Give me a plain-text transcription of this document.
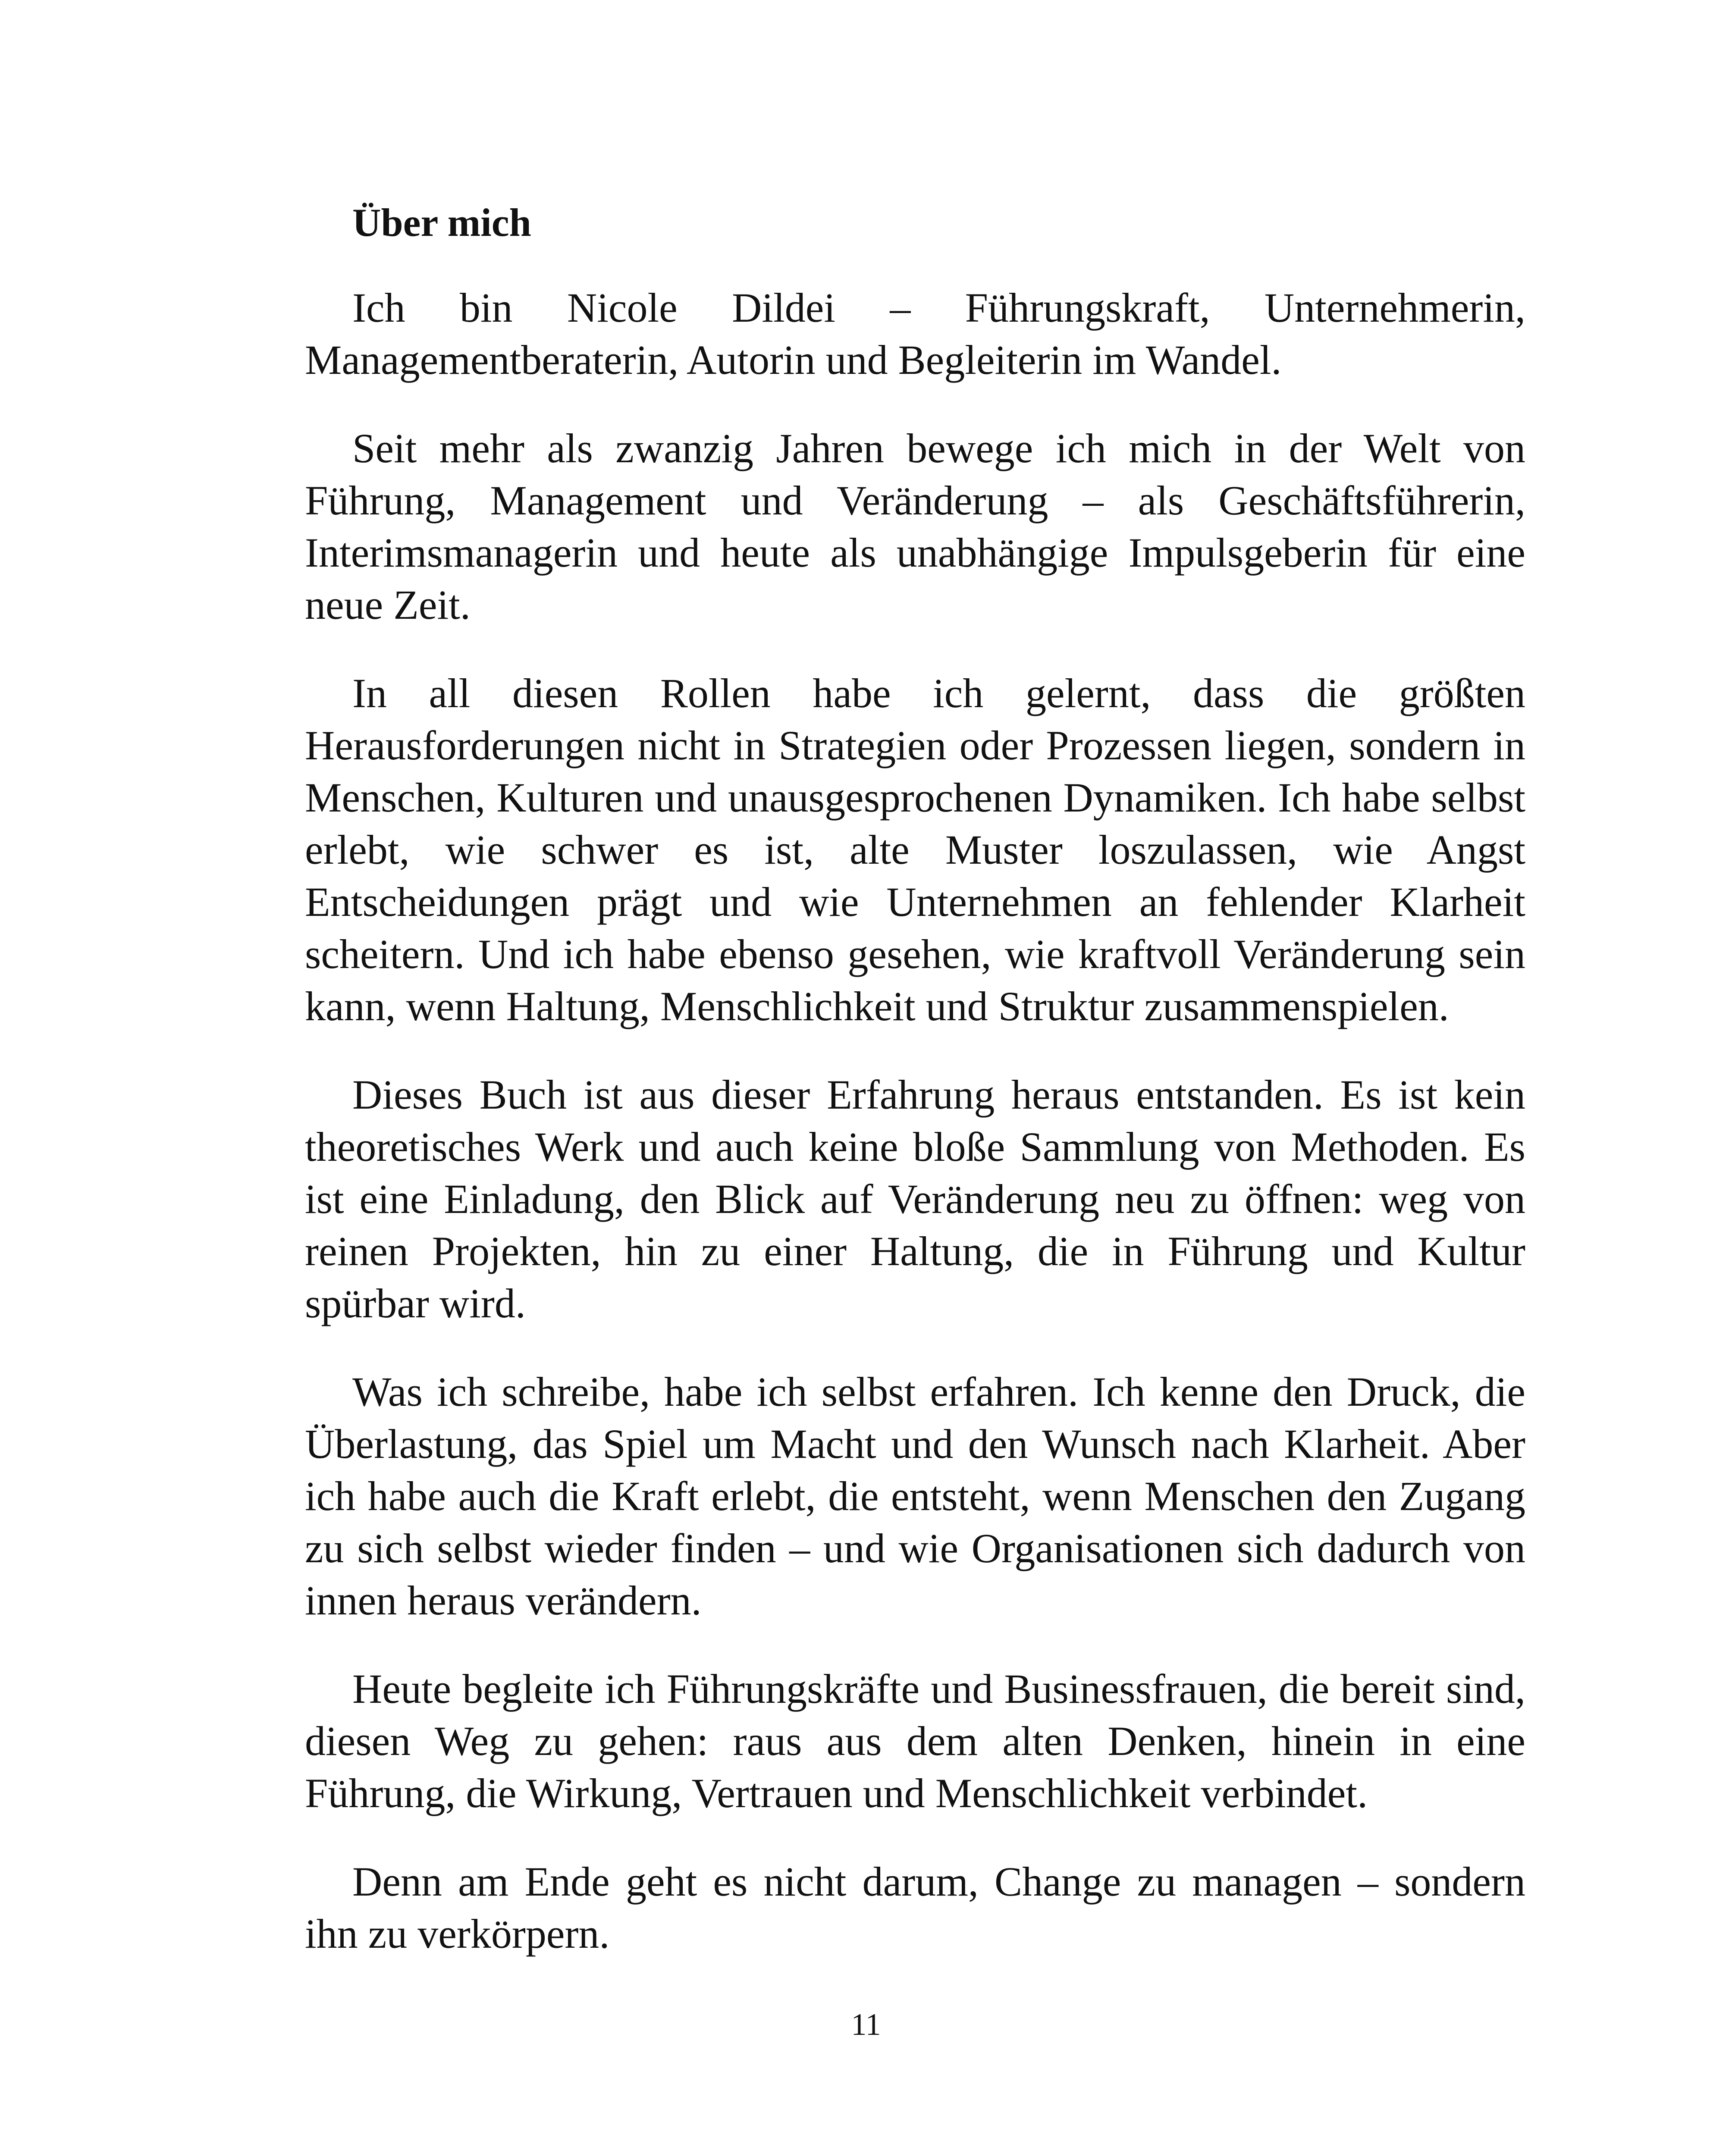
Über mich

Ich bin Nicole Dildei – Führungskraft, Unternehmerin, Managementberaterin, Autorin und Begleiterin im Wandel.

Seit mehr als zwanzig Jahren bewege ich mich in der Welt von Führung, Management und Veränderung – als Geschäftsführerin, Interimsmanagerin und heute als unabhängige Impulsgeberin für eine neue Zeit.

In all diesen Rollen habe ich gelernt, dass die größten Herausforderungen nicht in Strategien oder Prozessen liegen, sondern in Menschen, Kulturen und unausgesprochenen Dynamiken. Ich habe selbst erlebt, wie schwer es ist, alte Muster loszulassen, wie Angst Entscheidungen prägt und wie Unternehmen an fehlender Klarheit scheitern. Und ich habe ebenso gesehen, wie kraftvoll Veränderung sein kann, wenn Haltung, Menschlichkeit und Struktur zusammenspielen.

Dieses Buch ist aus dieser Erfahrung heraus entstanden. Es ist kein theoretisches Werk und auch keine bloße Sammlung von Methoden. Es ist eine Einladung, den Blick auf Veränderung neu zu öffnen: weg von reinen Projekten, hin zu einer Haltung, die in Führung und Kultur spürbar wird.

Was ich schreibe, habe ich selbst erfahren. Ich kenne den Druck, die Überlastung, das Spiel um Macht und den Wunsch nach Klarheit. Aber ich habe auch die Kraft erlebt, die entsteht, wenn Menschen den Zugang zu sich selbst wieder finden – und wie Organisationen sich dadurch von innen heraus verändern.

Heute begleite ich Führungskräfte und Businessfrauen, die bereit sind, diesen Weg zu gehen: raus aus dem alten Denken, hinein in eine Führung, die Wirkung, Vertrauen und Menschlichkeit verbindet.

Denn am Ende geht es nicht darum, Change zu managen – sondern ihn zu verkörpern.

11
